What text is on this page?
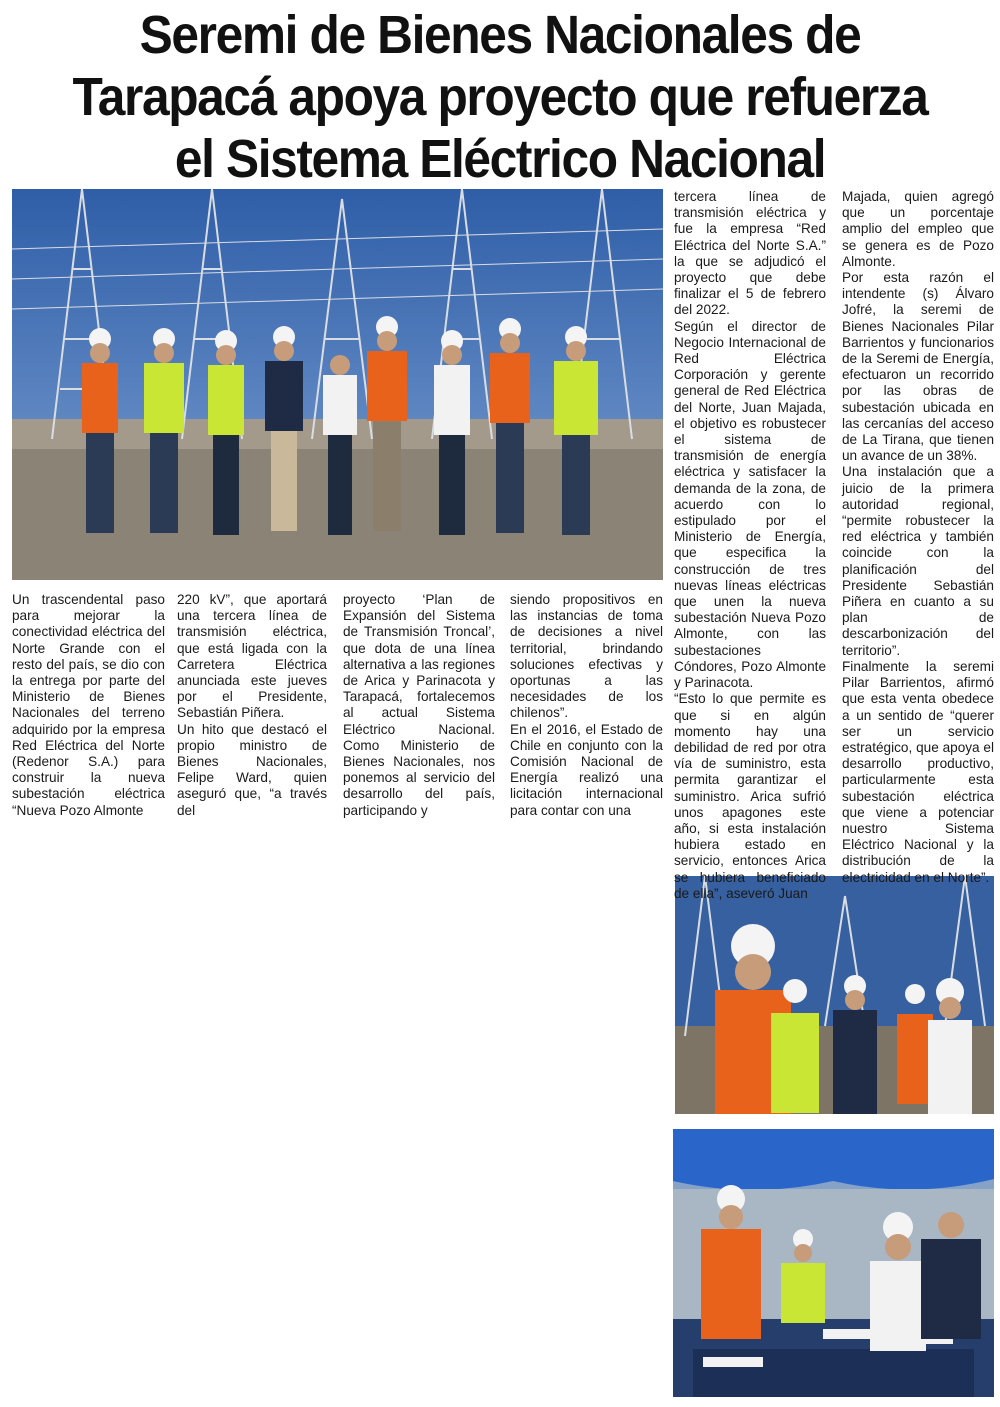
Seremi de Bienes Nacionales de
Tarapacá apoya proyecto que refuerza
el Sistema Eléctrico Nacional

Un trascendental paso para mejorar la conectividad eléctrica del Norte Grande con el resto del país, se dio con la entrega por parte del Ministerio de Bienes Nacionales del terreno adquirido por la empresa Red Eléctrica del Norte (Redenor S.A.) para construir la nueva subestación eléctrica “Nueva Pozo Almonte

220 kV”, que aportará una tercera línea de transmisión eléctrica, que está ligada con la Carretera Eléctrica anunciada este jueves por el Presidente, Sebastián Piñera.

Un hito que destacó el propio ministro de Bienes Nacionales, Felipe Ward, quien aseguró que, “a través del

proyecto ‘Plan de Expansión del Sistema de Transmisión Troncal’, que dota de una línea alternativa a las regiones de Arica y Parinacota y Tarapacá, fortalecemos al actual Sistema Eléctrico Nacional. Como Ministerio de Bienes Nacionales, nos ponemos al servicio del desarrollo del país, participando y

siendo propositivos en las instancias de toma de decisiones a nivel territorial, brindando soluciones efectivas y oportunas a las necesidades de los chilenos”.

En el 2016, el Estado de Chile en conjunto con la Comisión Nacional de Energía realizó una licitación internacional para contar con una

tercera línea de transmisión eléctrica y fue la empresa “Red Eléctrica del Norte S.A.” la que se adjudicó el proyecto que debe finalizar el 5 de febrero del 2022.

Según el director de Negocio Internacional de Red Eléctrica Corporación y gerente general de Red Eléctrica del Norte, Juan Majada, el objetivo es robustecer el sistema de transmisión de energía eléctrica y satisfacer la demanda de la zona, de acuerdo con lo estipulado por el Ministerio de Energía, que especifica la construcción de tres nuevas líneas eléctricas que unen la nueva subestación Nueva Pozo Almonte, con las subestaciones Cóndores, Pozo Almonte y Parinacota.

“Esto lo que permite es que si en algún momento hay una debilidad de red por otra vía de suministro, esta permita garantizar el suministro. Arica sufrió unos apagones este año, si esta instalación hubiera estado en servicio, entonces Arica se hubiera beneficiado de ella”, aseveró Juan

Majada, quien agregó que un porcentaje amplio del empleo que se genera es de Pozo Almonte.

Por esta razón el intendente (s) Álvaro Jofré, la seremi de Bienes Nacionales Pilar Barrientos y funcionarios de la Seremi de Energía, efectuaron un recorrido por las obras de subestación ubicada en las cercanías del acceso de La Tirana, que tienen un avance de un 38%.

Una instalación que a juicio de la primera autoridad regional, “permite robustecer la red eléctrica y también coincide con la planificación del Presidente Sebastián Piñera en cuanto a su plan de descarbonización del territorio”.

Finalmente la seremi Pilar Barrientos, afirmó que esta venta obedece a un sentido de “querer ser un servicio estratégico, que apoya el desarrollo productivo, particularmente esta subestación eléctrica que viene a potenciar nuestro Sistema Eléctrico Nacional y la distribución de la electricidad en el Norte”.
